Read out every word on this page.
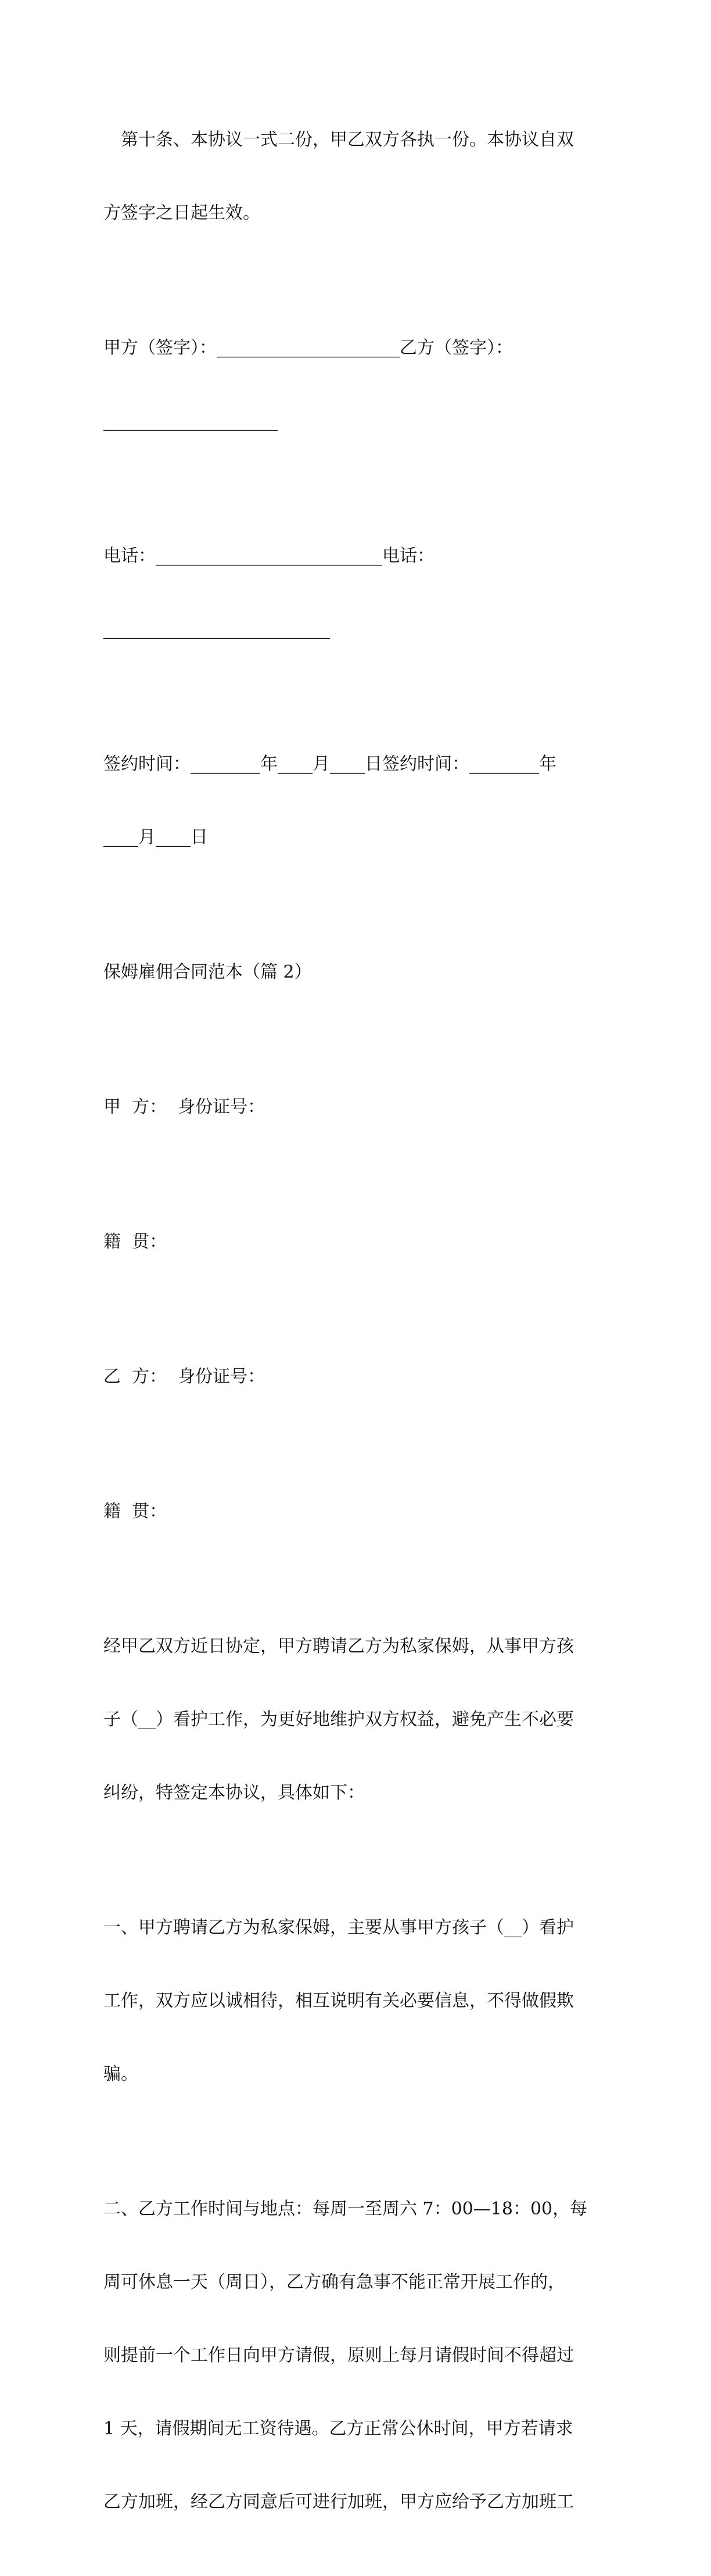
　第十条、本协议一式二份，甲乙双方各执一份。本协议自双

方签字之日起生效。

甲方（签字）：_____________________乙方（签字）：

____________________

电话：__________________________电话：

__________________________

签约时间：________年____月____日签约时间：________年

____月____日

保姆雇佣合同范本（篇 2）

甲  方：  身份证号：

籍  贯：

乙  方：  身份证号：

籍  贯：

经甲乙双方近日协定，甲方聘请乙方为私家保姆，从事甲方孩

子（__）看护工作，为更好地维护双方权益，避免产生不必要

纠纷，特签定本协议，具体如下：

一、甲方聘请乙方为私家保姆，主要从事甲方孩子（__）看护

工作，双方应以诚相待，相互说明有关必要信息，不得做假欺

骗。

二、乙方工作时间与地点：每周一至周六 7：00—18：00，每

周可休息一天（周日），乙方确有急事不能正常开展工作的，

则提前一个工作日向甲方请假，原则上每月请假时间不得超过

1 天，请假期间无工资待遇。乙方正常公休时间，甲方若请求

乙方加班，经乙方同意后可进行加班，甲方应给予乙方加班工
